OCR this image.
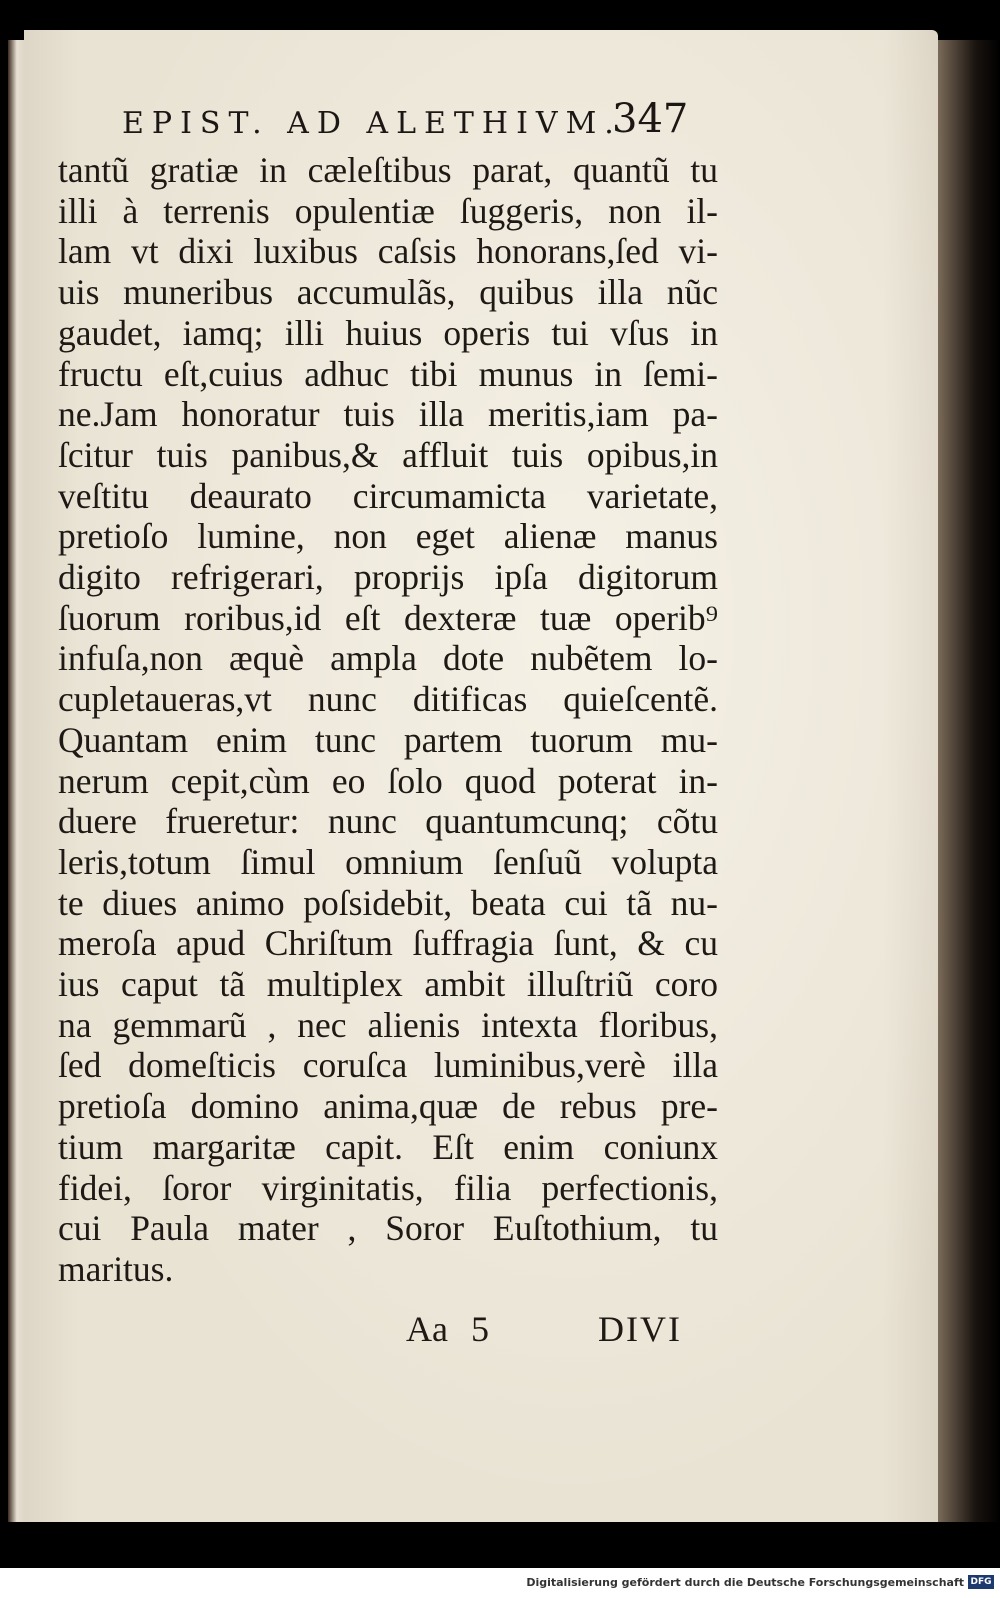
EPIST. AD ALETHIVM.
347
tantũ gratiæ in cæleſtibus parat, quantũ tu
illi à terrenis opulentiæ ſuggeris, non il-
lam vt dixi luxibus caſsis honorans,ſed vi-
uis muneribus accumulãs, quibus illa nũc
gaudet, iamq; illi huius operis tui vſus in
fructu eſt,cuius adhuc tibi munus in ſemi-
ne.Jam honoratur tuis illa meritis,iam pa-
ſcitur tuis panibus,& affluit tuis opibus,in
veſtitu deaurato circumamicta varietate,
pretioſo lumine, non eget alienæ manus
digito refrigerari, proprijs ipſa digitorum
ſuorum roribus,id eſt dexteræ tuæ operib⁹
infuſa,non æquè ampla dote nubẽtem lo-
cupletaueras,vt nunc ditificas quieſcentẽ.
Quantam enim tunc partem tuorum mu-
nerum cepit,cùm eo ſolo quod poterat in-
duere frueretur: nunc quantumcunq; cõtu
leris,totum ſimul omnium ſenſuũ volupta
te diues animo poſsidebit, beata cui tã nu-
meroſa apud Chriſtum ſuffragia ſunt, & cu
ius caput tã multiplex ambit illuſtriũ coro
na gemmarũ , nec alienis intexta floribus,
ſed domeſticis coruſca luminibus,verè illa
pretioſa domino anima,quæ de rebus pre-
tium margaritæ capit. Eſt enim coniunx
fidei, ſoror virginitatis, filia perfectionis,
cui Paula mater , Soror Euſtothium, tu
maritus.
Aa 5	DIVI
Digitalisierung gefördert durch die Deutsche Forschungsgemeinschaft DFG
